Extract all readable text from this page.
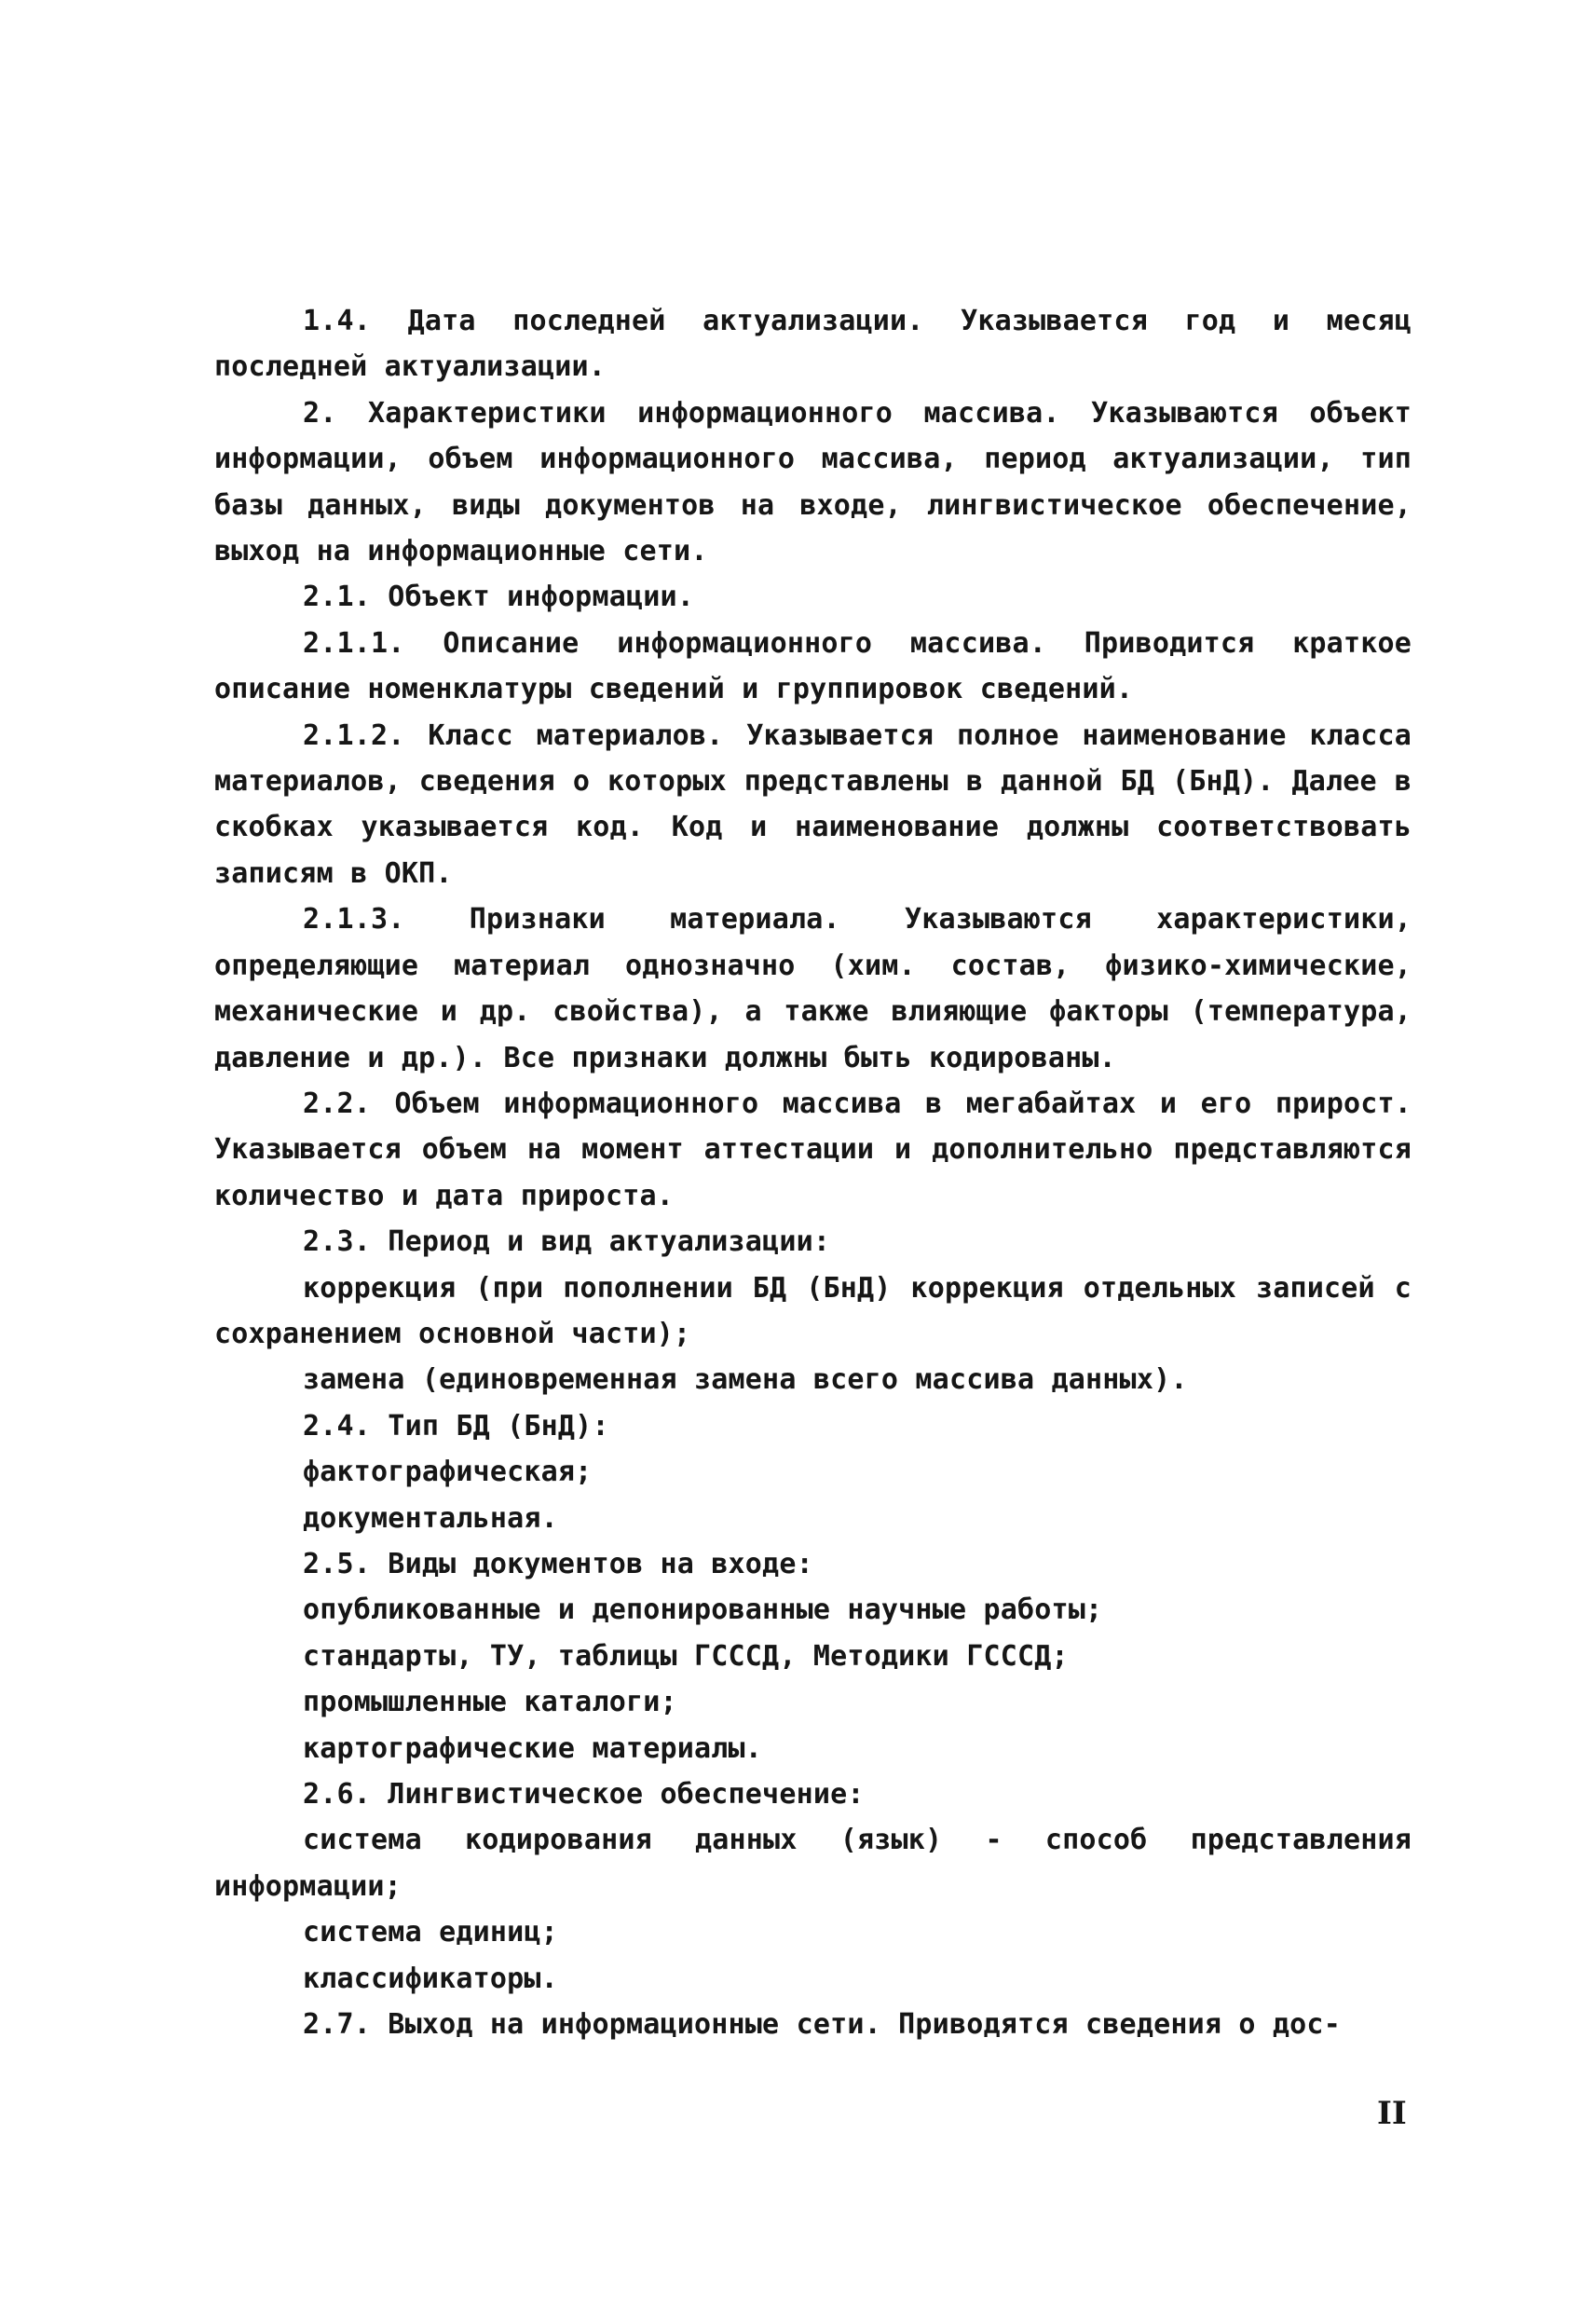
1.4. Дата последней актуализации. Указывается год и месяц последней актуализации.

2. Характеристики информационного массива. Указываются объект информации, объем информационного массива, период актуализации, тип базы данных, виды документов на входе, лингвистическое обеспечение, выход на информационные сети.

2.1. Объект информации.

2.1.1. Описание информационного массива. Приводится краткое описание номенклатуры сведений и группировок сведений.

2.1.2. Класс материалов. Указывается полное наименование класса материалов, сведения о которых представлены в данной БД (БнД). Далее в скобках указывается код. Код и наименование должны соответствовать записям в ОКП.

2.1.3. Признаки материала. Указываются характеристики, определяющие материал однозначно (хим. состав, физико-химические, механические и др. свойства), а также влияющие факторы (температура, давление и др.). Все признаки должны быть кодированы.

2.2. Объем информационного массива в мегабайтах и его прирост. Указывается объем на момент аттестации и дополнительно представляются количество и дата прироста.

2.3. Период и вид актуализации:

коррекция (при пополнении БД (БнД) коррекция отдельных записей с сохранением основной части);

замена (единовременная замена всего массива данных).

2.4. Тип БД (БнД):

фактографическая;

документальная.

2.5. Виды документов на входе:

опубликованные и депонированные научные работы;

стандарты, ТУ, таблицы ГСССД, Методики ГСССД;

промышленные каталоги;

картографические материалы.

2.6. Лингвистическое обеспечение:

система кодирования данных (язык) - способ представления информации;

система единиц;

классификаторы.

2.7. Выход на информационные сети. Приводятся сведения о дос-

II
